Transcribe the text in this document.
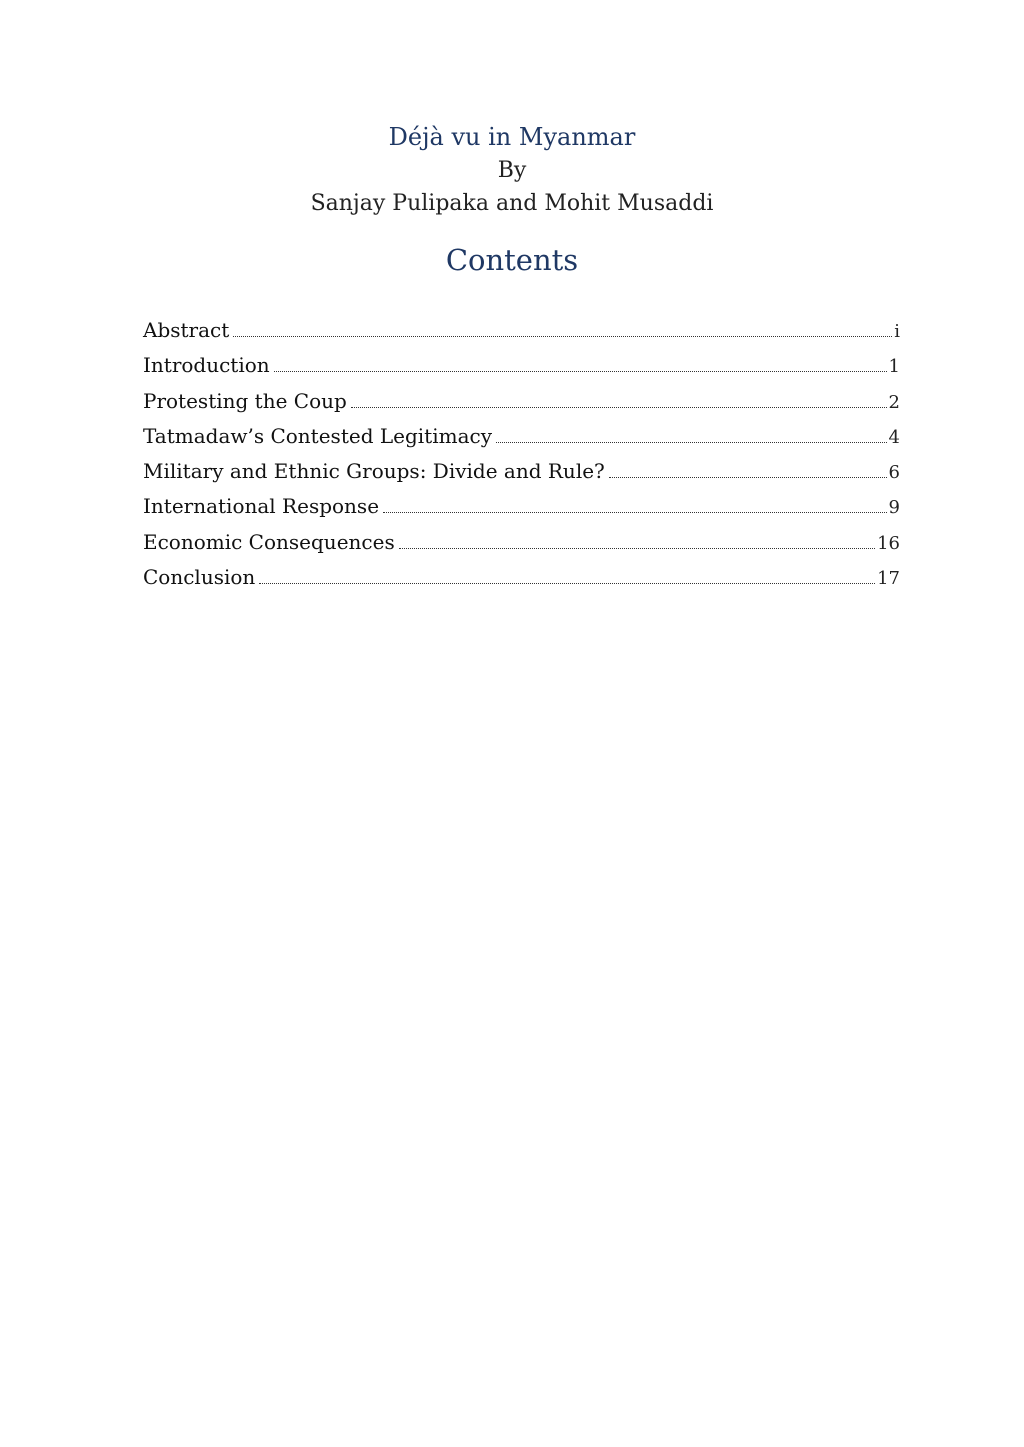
Déjà vu in Myanmar

By

Sanjay Pulipaka and Mohit Musaddi

Contents
Abstract	i
Introduction	1
Protesting the Coup	2
Tatmadaw’s Contested Legitimacy	4
Military and Ethnic Groups: Divide and Rule?	6
International Response	9
Economic Consequences	16
Conclusion	17
